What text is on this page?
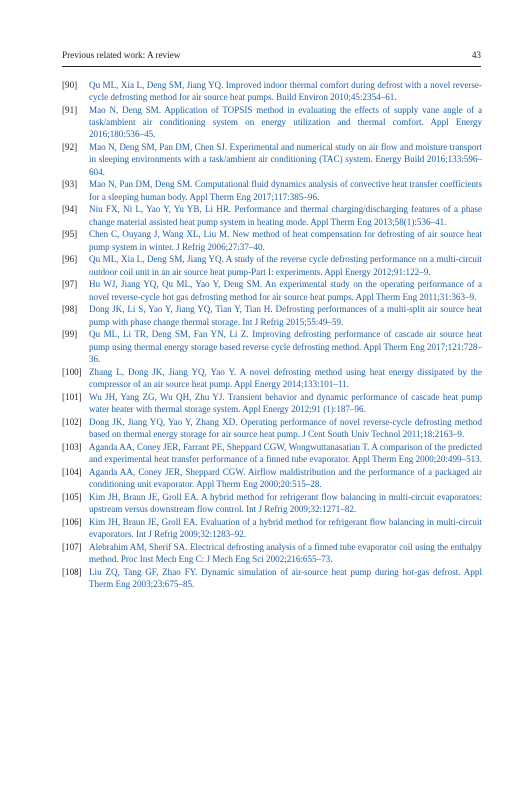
Previous related work: A review	43
[90] Qu ML, Xia L, Deng SM, Jiang YQ. Improved indoor thermal comfort during defrost with a novel reverse-cycle defrosting method for air source heat pumps. Build Environ 2010;45:2354–61.
[91] Mao N, Deng SM. Application of TOPSIS method in evaluating the effects of supply vane angle of a task/ambient air conditioning system on energy utilization and thermal comfort. Appl Energy 2016;180:536–45.
[92] Mao N, Deng SM, Pan DM, Chen SJ. Experimental and numerical study on air flow and moisture transport in sleeping environments with a task/ambient air conditioning (TAC) system. Energy Build 2016;133:596–604.
[93] Mao N, Pan DM, Deng SM. Computational fluid dynamics analysis of convective heat transfer coefficients for a sleeping human body. Appl Therm Eng 2017;117:385–96.
[94] Niu FX, Ni L, Yao Y, Yu YB, Li HR. Performance and thermal charging/discharging features of a phase change material assisted heat pump system in heating mode. Appl Therm Eng 2013;58(1):536–41.
[95] Chen C, Ouyang J, Wang XL, Liu M. New method of heat compensation for defrosting of air source heat pump system in winter. J Refrig 2006;27:37–40.
[96] Qu ML, Xia L, Deng SM, Jiang YQ. A study of the reverse cycle defrosting performance on a multi-circuit outdoor coil unit in an air source heat pump-Part I: experiments. Appl Energy 2012;91:122–9.
[97] Hu WJ, Jiang YQ, Qu ML, Yao Y, Deng SM. An experimental study on the operating performance of a novel reverse-cycle hot gas defrosting method for air source heat pumps. Appl Therm Eng 2011;31:363–9.
[98] Dong JK, Li S, Yao Y, Jiang YQ, Tian Y, Tian H. Defrosting performances of a multi-split air source heat pump with phase change thermal storage. Int J Refrig 2015;55:49–59.
[99] Qu ML, Li TR, Deng SM, Fan YN, Li Z. Improving defrosting performance of cascade air source heat pump using thermal energy storage based reverse cycle defrosting method. Appl Therm Eng 2017;121:728–36.
[100] Zhang L, Dong JK, Jiang YQ, Yao Y. A novel defrosting method using heat energy dissipated by the compressor of an air source heat pump. Appl Energy 2014;133:101–11.
[101] Wu JH, Yang ZG, Wu QH, Zhu YJ. Transient behavior and dynamic performance of cascade heat pump water heater with thermal storage system. Appl Energy 2012;91 (1):187–96.
[102] Dong JK, Jiang YQ, Yao Y, Zhang XD. Operating performance of novel reverse-cycle defrosting method based on thermal energy storage for air source heat pump. J Cent South Univ Technol 2011;18:2163–9.
[103] Aganda AA, Coney JER, Farrant PE, Sheppard CGW, Wongwuttanasatian T. A comparison of the predicted and experimental heat transfer performance of a finned tube evaporator. Appl Therm Eng 2000;20:499–513.
[104] Aganda AA, Coney JER, Sheppard CGW. Airflow maldistribution and the performance of a packaged air conditioning unit evaporator. Appl Therm Eng 2000;20:515–28.
[105] Kim JH, Braun JE, Groll EA. A hybrid method for refrigerant flow balancing in multi-circuit evaporators: upstream versus downstream flow control. Int J Refrig 2009;32:1271–82.
[106] Kim JH, Braun JE, Groll EA. Evaluation of a hybrid method for refrigerant flow balancing in multi-circuit evaporators. Int J Refrig 2009;32:1283–92.
[107] Alebrahim AM, Sherif SA. Electrical defrosting analysis of a finned tube evaporator coil using the enthalpy method. Proc Inst Mech Eng C: J Mech Eng Sci 2002;216:655–73.
[108] Liu ZQ, Tang GF, Zhao FY. Dynamic simulation of air-source heat pump during hot-gas defrost. Appl Therm Eng 2003;23:675–85.
